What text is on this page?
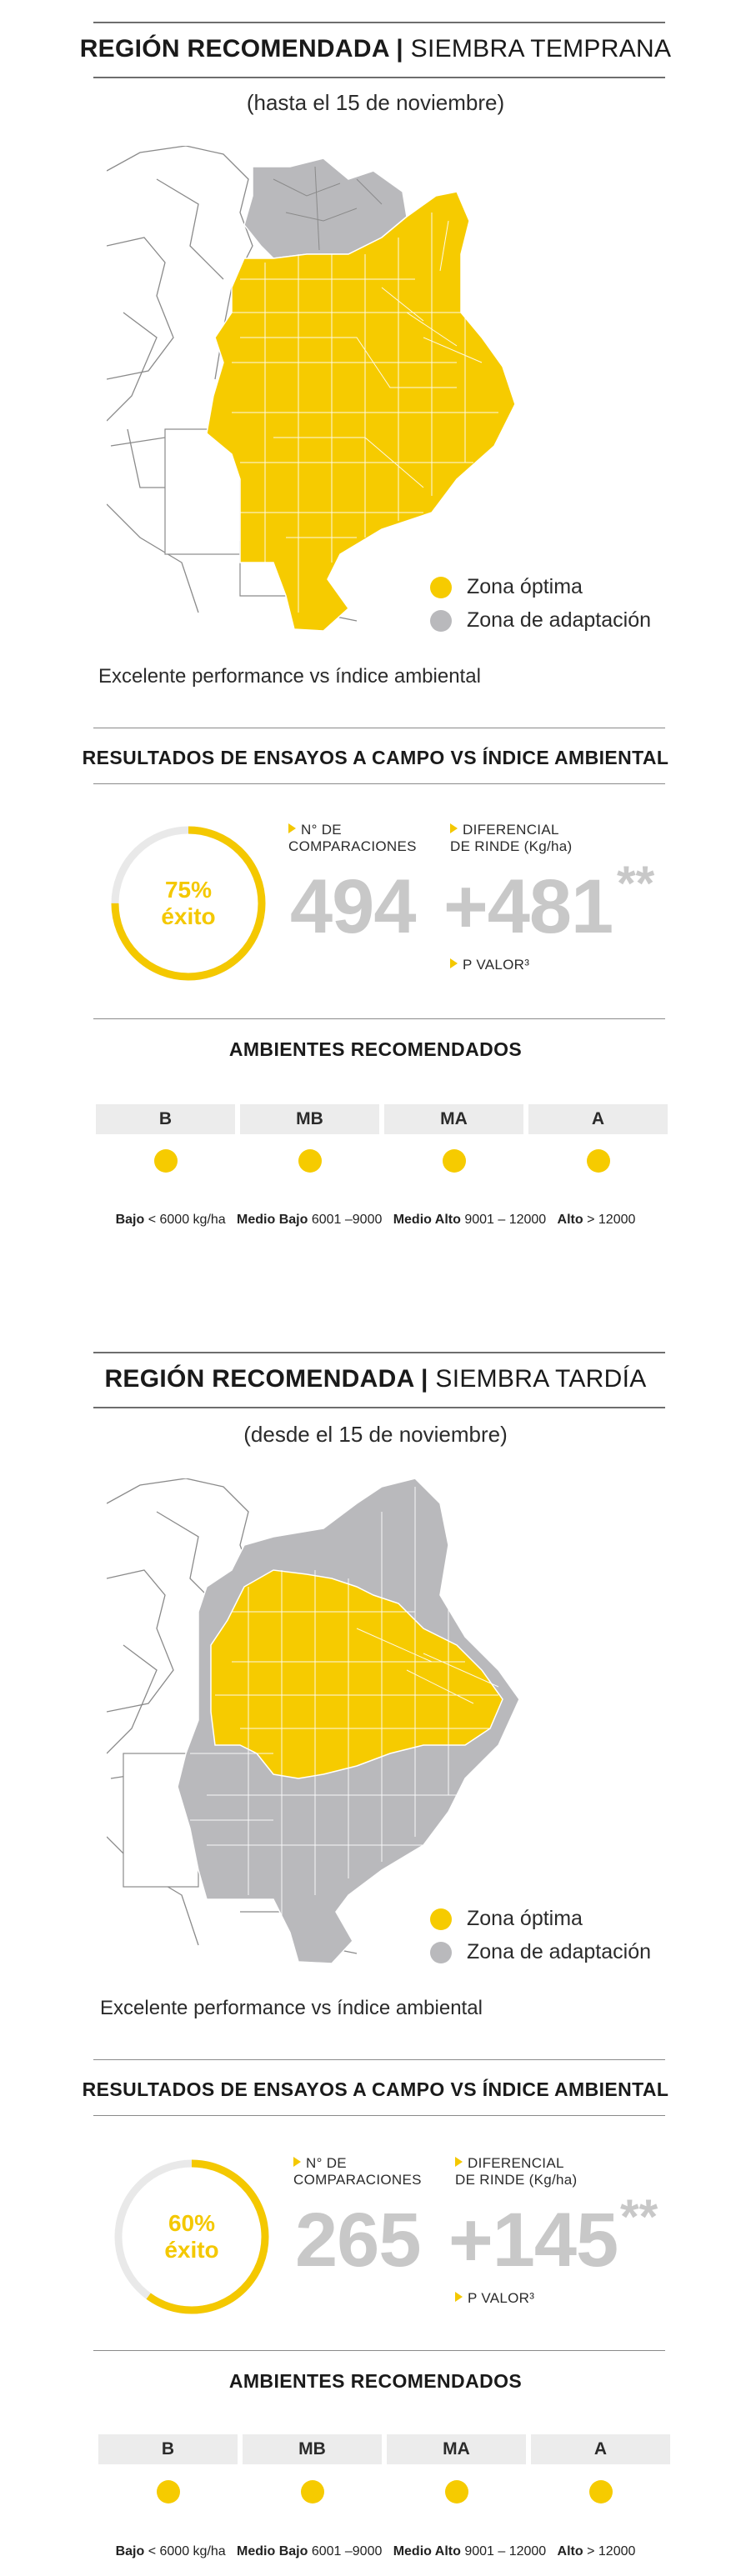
REGIÓN RECOMENDADA | SIEMBRA TEMPRANA
(hasta el 15 de noviembre)
Zona óptima
Zona de adaptación
Excelente performance vs índice ambiental
RESULTADOS DE ENSAYOS A CAMPO VS ÍNDICE AMBIENTAL
75%
éxito
N° DE
COMPARACIONES
DIFERENCIAL
DE RINDE (Kg/ha)
494 +481 **
P VALOR³
AMBIENTES RECOMENDADOS
B	MB	MA	A
Bajo < 6000 kg/ha Medio Bajo 6001 –9000 Medio Alto 9001 – 12000 Alto > 12000
REGIÓN RECOMENDADA | SIEMBRA TARDÍA
(desde el 15 de noviembre)
Zona óptima
Zona de adaptación
Excelente performance vs índice ambiental
RESULTADOS DE ENSAYOS A CAMPO VS ÍNDICE AMBIENTAL
60%
éxito
N° DE
COMPARACIONES
DIFERENCIAL
DE RINDE (Kg/ha)
265 +145 **
P VALOR³
AMBIENTES RECOMENDADOS
B	MB	MA	A
Bajo < 6000 kg/ha Medio Bajo 6001 –9000 Medio Alto 9001 – 12000 Alto > 12000
